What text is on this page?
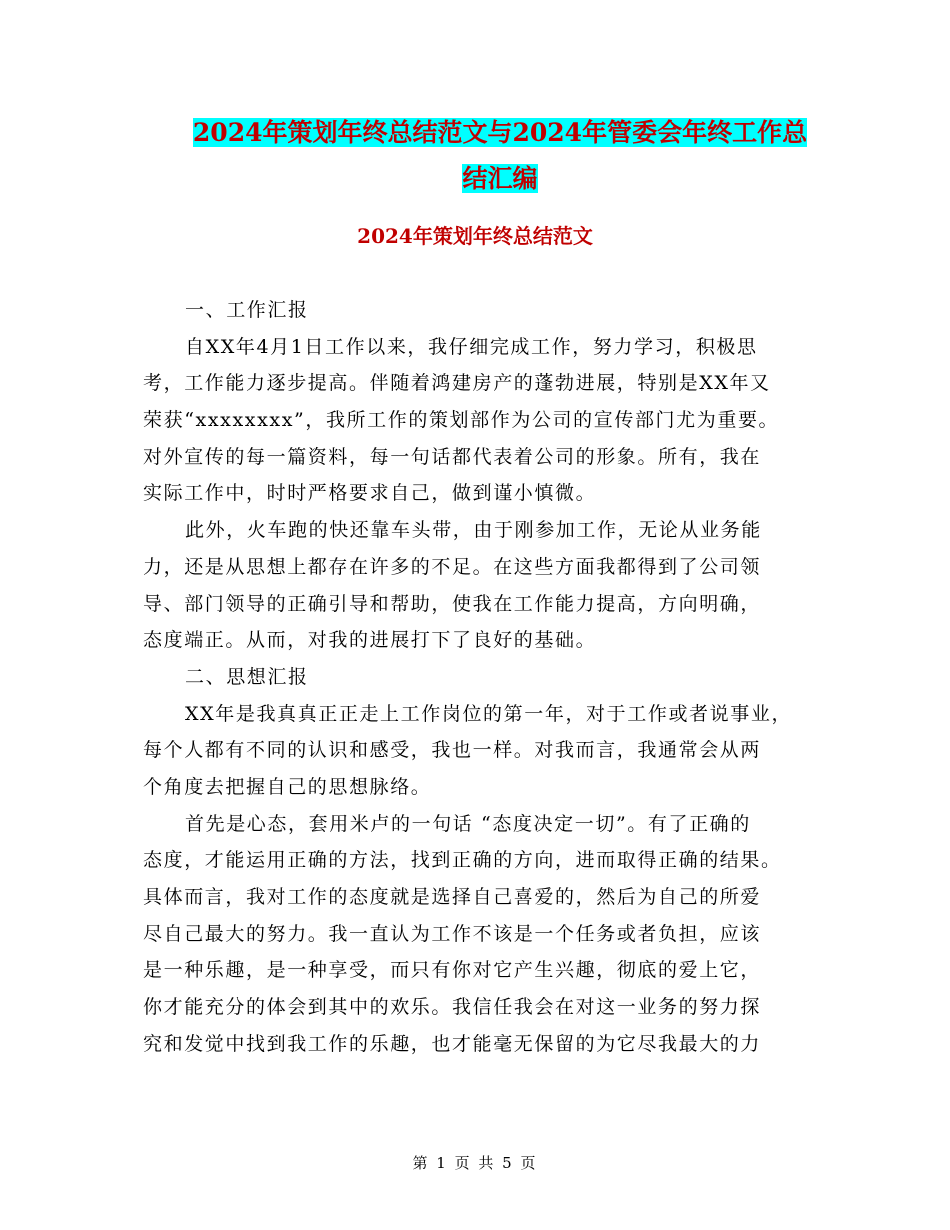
2024年策划年终总结范文与2024年管委会年终工作总
结汇编
2024年策划年终总结范文
一、工作汇报
自XX年4月1日工作以来，我仔细完成工作，努力学习，积极思
考，工作能力逐步提高。伴随着鸿建房产的蓬勃进展，特别是XX年又
荣获“xxxxxxxx”，我所工作的策划部作为公司的宣传部门尤为重要。
对外宣传的每一篇资料，每一句话都代表着公司的形象。所有，我在
实际工作中，时时严格要求自己，做到谨小慎微。
此外，火车跑的快还靠车头带，由于刚参加工作，无论从业务能
力，还是从思想上都存在许多的不足。在这些方面我都得到了公司领
导、部门领导的正确引导和帮助，使我在工作能力提高，方向明确，
态度端正。从而，对我的进展打下了良好的基础。
二、思想汇报
XX年是我真真正正走上工作岗位的第一年，对于工作或者说事业，
每个人都有不同的认识和感受，我也一样。对我而言，我通常会从两
个角度去把握自己的思想脉络。
首先是心态，套用米卢的一句话 “态度决定一切”。有了正确的
态度，才能运用正确的方法，找到正确的方向，进而取得正确的结果。
具体而言，我对工作的态度就是选择自己喜爱的，然后为自己的所爱
尽自己最大的努力。我一直认为工作不该是一个任务或者负担，应该
是一种乐趣，是一种享受，而只有你对它产生兴趣，彻底的爱上它，
你才能充分的体会到其中的欢乐。我信任我会在对这一业务的努力探
究和发觉中找到我工作的乐趣，也才能毫无保留的为它尽我最大的力
第 1 页 共 5 页
